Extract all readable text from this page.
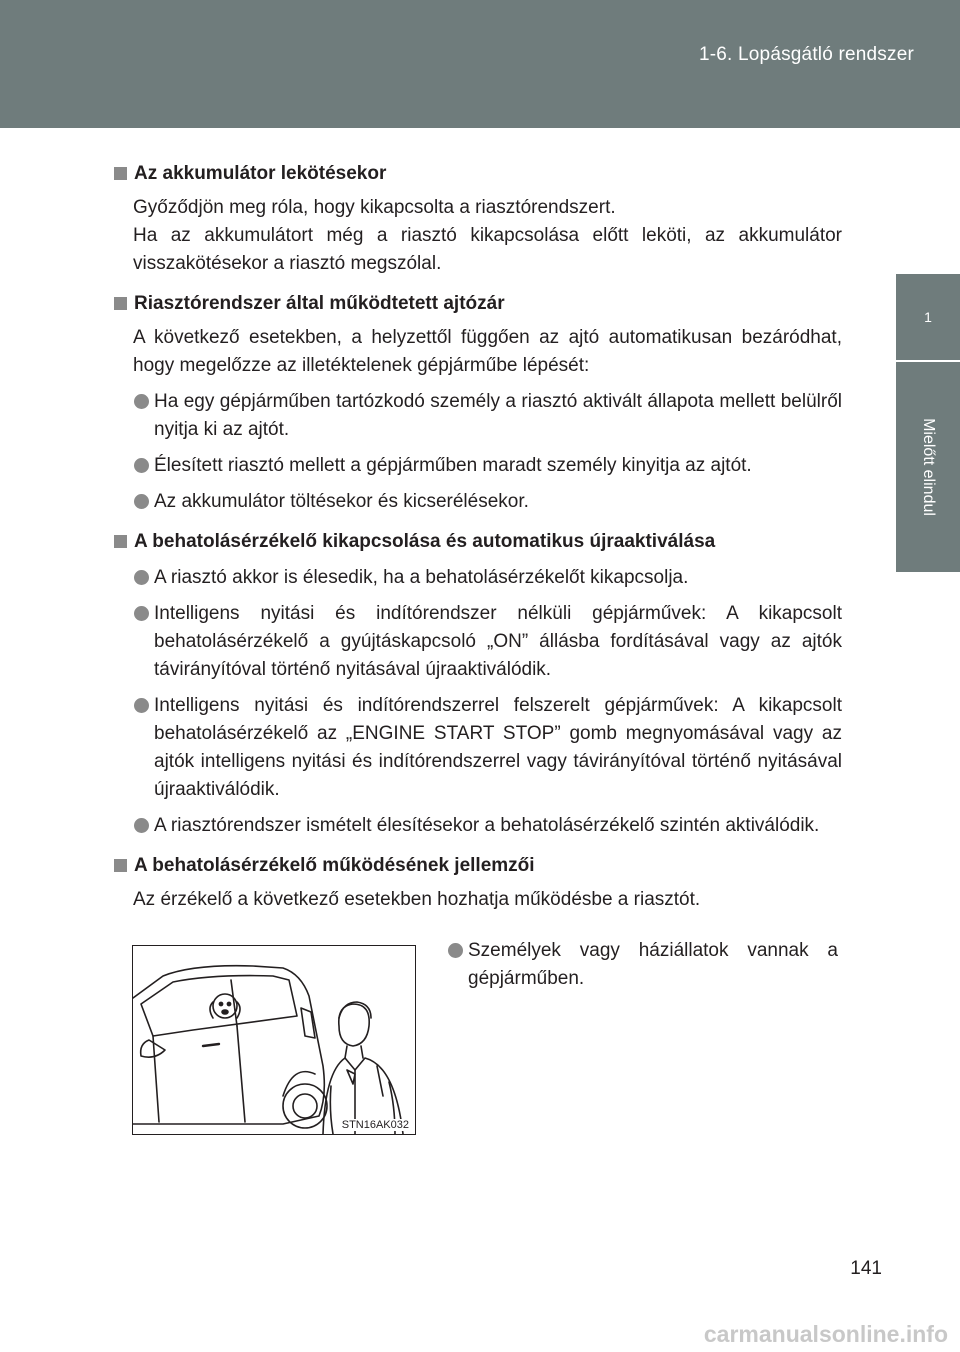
1-6. Lopásgátló rendszer
1
Mielőtt elindul
Az akkumulátor lekötésekor
Győződjön meg róla, hogy kikapcsolta a riasztórendszert.
Ha az akkumulátort még a riasztó kikapcsolása előtt leköti, az akkumulátor visszakötésekor a riasztó megszólal.
Riasztórendszer által működtetett ajtózár
A következő esetekben, a helyzettől függően az ajtó automatikusan bezáródhat, hogy megelőzze az illetéktelenek gépjárműbe lépését:
Ha egy gépjárműben tartózkodó személy a riasztó aktivált állapota mellett belülről nyitja ki az ajtót.
Élesített riasztó mellett a gépjárműben maradt személy kinyitja az ajtót.
Az akkumulátor töltésekor és kicserélésekor.
A behatolásérzékelő kikapcsolása és automatikus újraaktiválása
A riasztó akkor is élesedik, ha a behatolásérzékelőt kikapcsolja.
Intelligens nyitási és indítórendszer nélküli gépjárművek: A kikapcsolt behatolásérzékelő a gyújtáskapcsoló „ON” állásba fordításával vagy az ajtók távirányítóval történő nyitásával újraaktiválódik.
Intelligens nyitási és indítórendszerrel felszerelt gépjárművek: A kikapcsolt behatolásérzékelő az „ENGINE START STOP” gomb megnyomásával vagy az ajtók intelligens nyitási és indítórendszerrel vagy távirányítóval történő nyitásával újraaktiválódik.
A riasztórendszer ismételt élesítésekor a behatolásérzékelő szintén aktiválódik.
A behatolásérzékelő működésének jellemzői
Az érzékelő a következő esetekben hozhatja működésbe a riasztót.
STN16AK032
Személyek vagy háziállatok vannak a gépjárműben.
141
carmanualsonline.info
